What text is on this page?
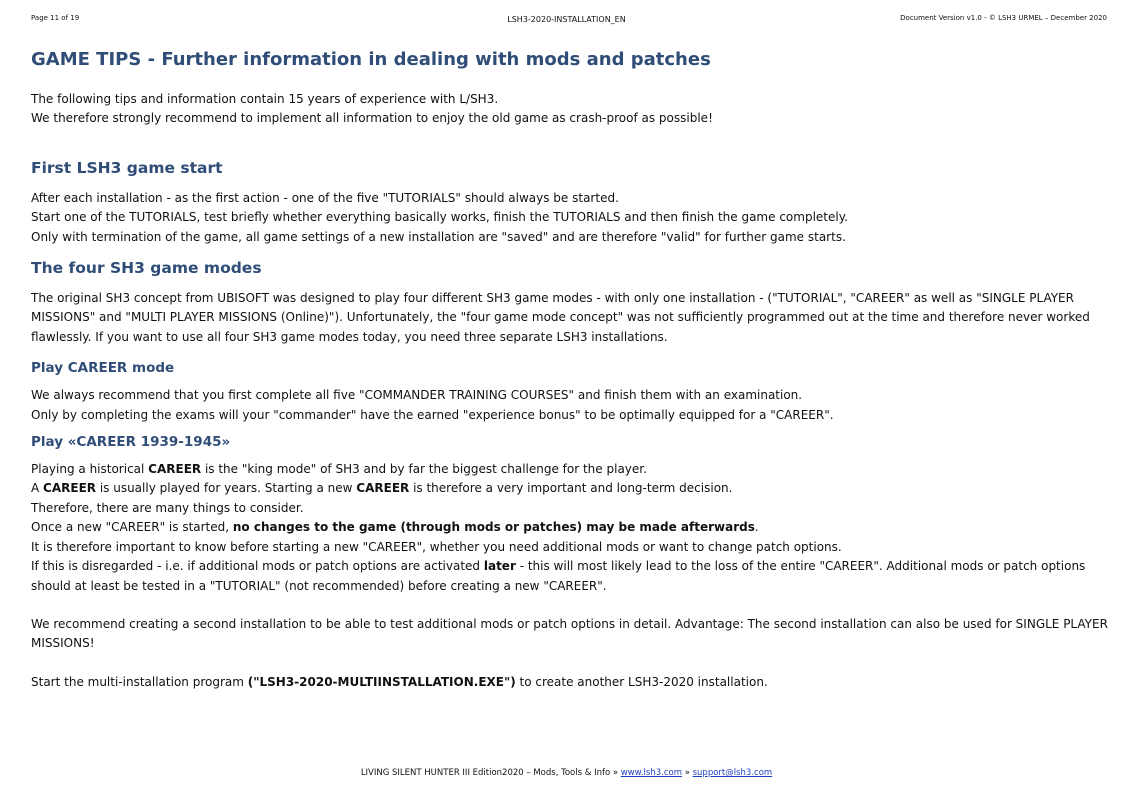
Page 11 of 19	LSH3-2020-INSTALLATION_EN	Document Version v1.0 - © LSH3 URMEL – December 2020
GAME TIPS - Further information in dealing with mods and patches

The following tips and information contain 15 years of experience with L/SH3.

We therefore strongly recommend to implement all information to enjoy the old game as crash-proof as possible!

First LSH3 game start

After each installation - as the first action - one of the five "TUTORIALS" should always be started.

Start one of the TUTORIALS, test briefly whether everything basically works, finish the TUTORIALS and then finish the game completely.

Only with termination of the game, all game settings of a new installation are "saved" and are therefore "valid" for further game starts.

The four SH3 game modes

The original SH3 concept from UBISOFT was designed to play four different SH3 game modes - with only one installation - ("TUTORIAL", "CAREER" as well as "SINGLE PLAYER MISSIONS" and "MULTI PLAYER MISSIONS (Online)"). Unfortunately, the "four game mode concept" was not sufficiently programmed out at the time and therefore never worked flawlessly. If you want to use all four SH3 game modes today, you need three separate LSH3 installations.

Play CAREER mode

We always recommend that you first complete all five "COMMANDER TRAINING COURSES" and finish them with an examination.

Only by completing the exams will your "commander" have the earned "experience bonus" to be optimally equipped for a "CAREER".

Play «CAREER 1939-1945»

Playing a historical CAREER is the "king mode" of SH3 and by far the biggest challenge for the player.

A CAREER is usually played for years. Starting a new CAREER is therefore a very important and long-term decision.

Therefore, there are many things to consider.

Once a new "CAREER" is started, no changes to the game (through mods or patches) may be made afterwards.

It is therefore important to know before starting a new "CAREER", whether you need additional mods or want to change patch options.

If this is disregarded - i.e. if additional mods or patch options are activated later - this will most likely lead to the loss of the entire "CAREER". Additional mods or patch options should at least be tested in a "TUTORIAL" (not recommended) before creating a new "CAREER".

We recommend creating a second installation to be able to test additional mods or patch options in detail. Advantage: The second installation can also be used for SINGLE PLAYER MISSIONS!

Start the multi-installation program ("LSH3-2020-MULTIINSTALLATION.EXE") to create another LSH3-2020 installation.

LIVING SILENT HUNTER III Edition2020 – Mods, Tools & Info » www.lsh3.com » support@lsh3.com
